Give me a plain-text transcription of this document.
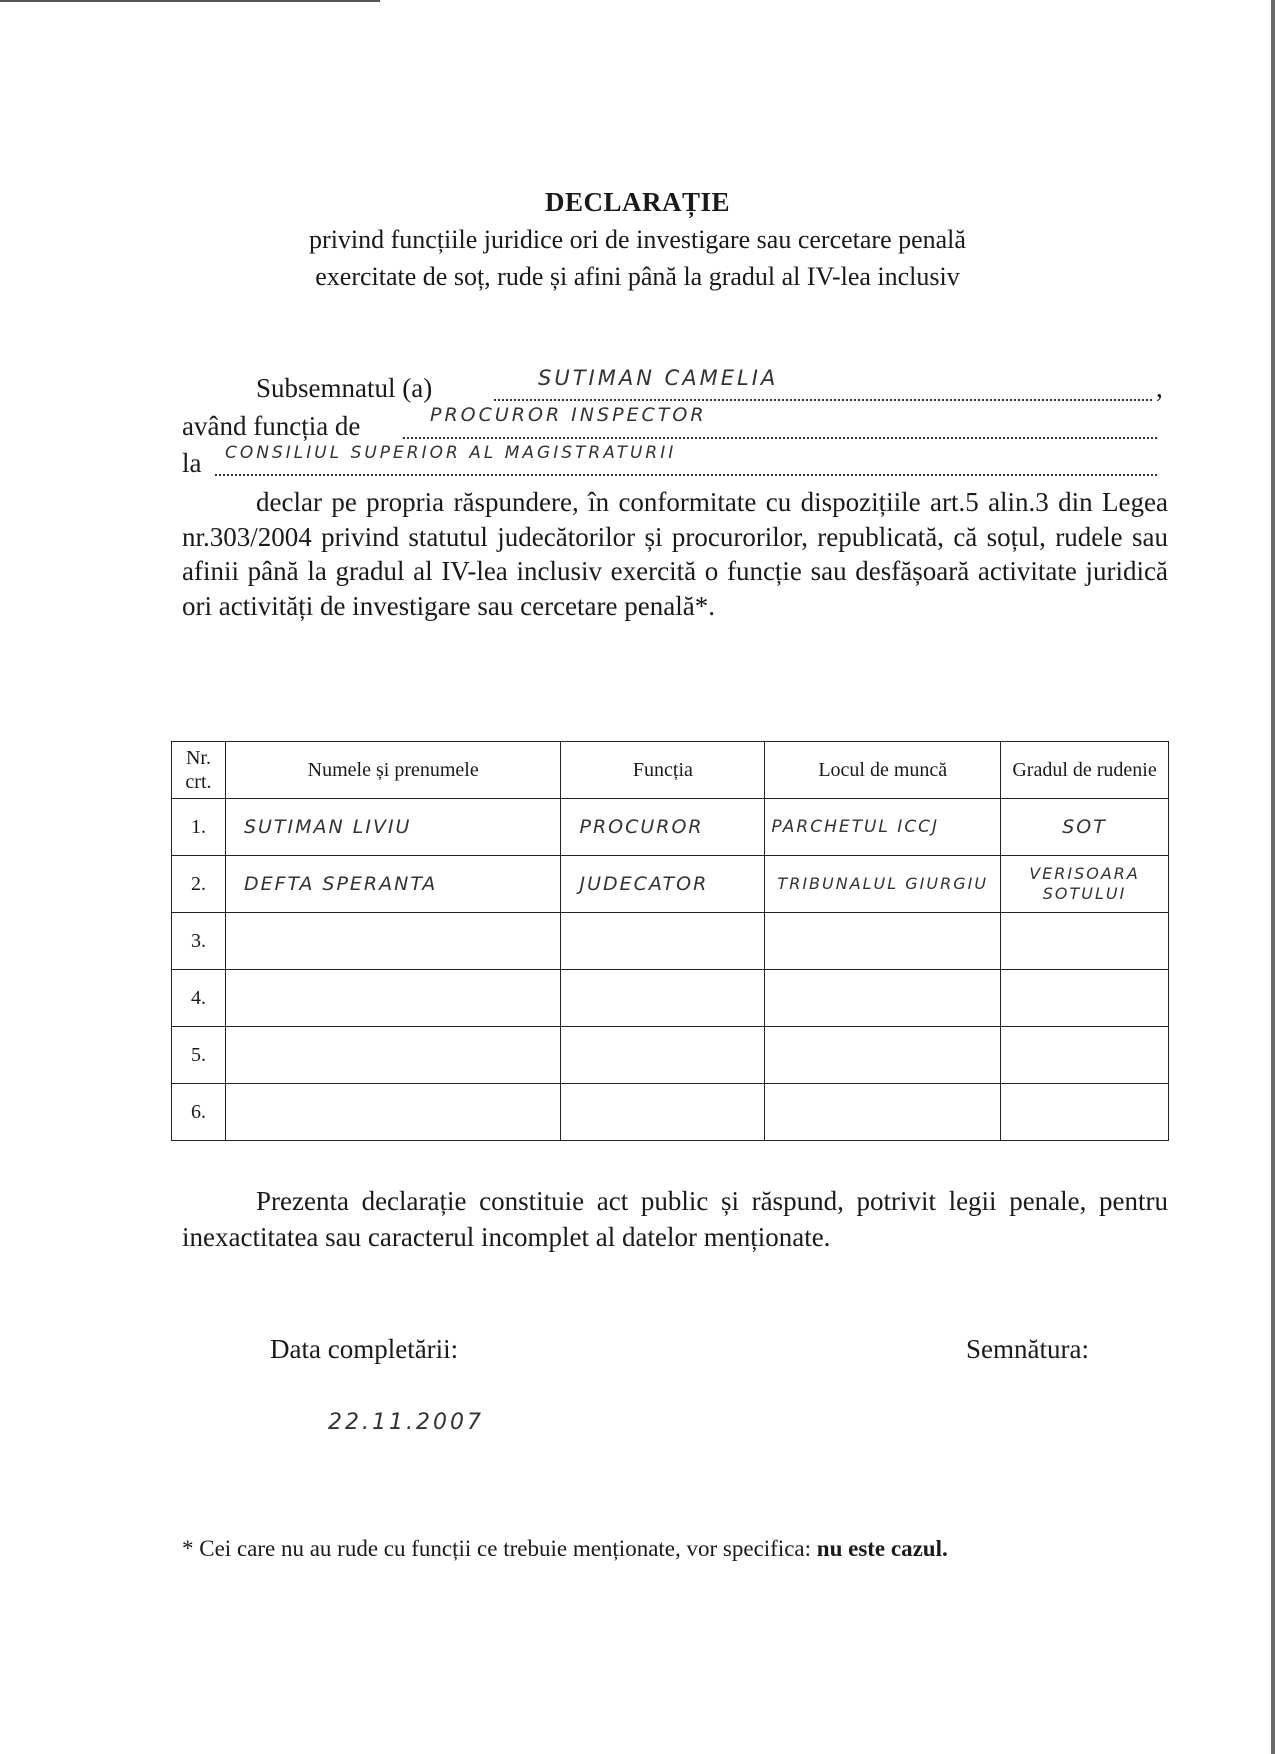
DECLARAȚIE
privind funcțiile juridice ori de investigare sau cercetare penală
exercitate de soț, rude și afini până la gradul al IV-lea inclusiv
Subsemnatul (a)	SUTIMAN CAMELIA	,
având funcția de	PROCUROR INSPECTOR
la CONSILIUL SUPERIOR AL MAGISTRATURII
declar pe propria răspundere, în conformitate cu dispozițiile art.5 alin.3 din Legea nr.303/2004 privind statutul judecătorilor și procurorilor, republicată, că soțul, rudele sau afinii până la gradul al IV-lea inclusiv exercită o funcție sau desfășoară activitate juridică ori activități de investigare sau cercetare penală*.
Nr. crt.	Numele și prenumele	Funcția	Locul de muncă	Gradul de rudenie
1.	SUTIMAN LIVIU	PROCUROR	PARCHETUL ICCJ	SOT
2.	DEFTA SPERANTA	JUDECATOR	TRIBUNALUL GIURGIU	VERISOARA SOTULUI
3.				
4.				
5.				
6.				
Prezenta declarație constituie act public și răspund, potrivit legii penale, pentru inexactitatea sau caracterul incomplet al datelor menționate.
Data completării:	Semnătura:
22.11.2007
* Cei care nu au rude cu funcții ce trebuie menționate, vor specifica: nu este cazul.
